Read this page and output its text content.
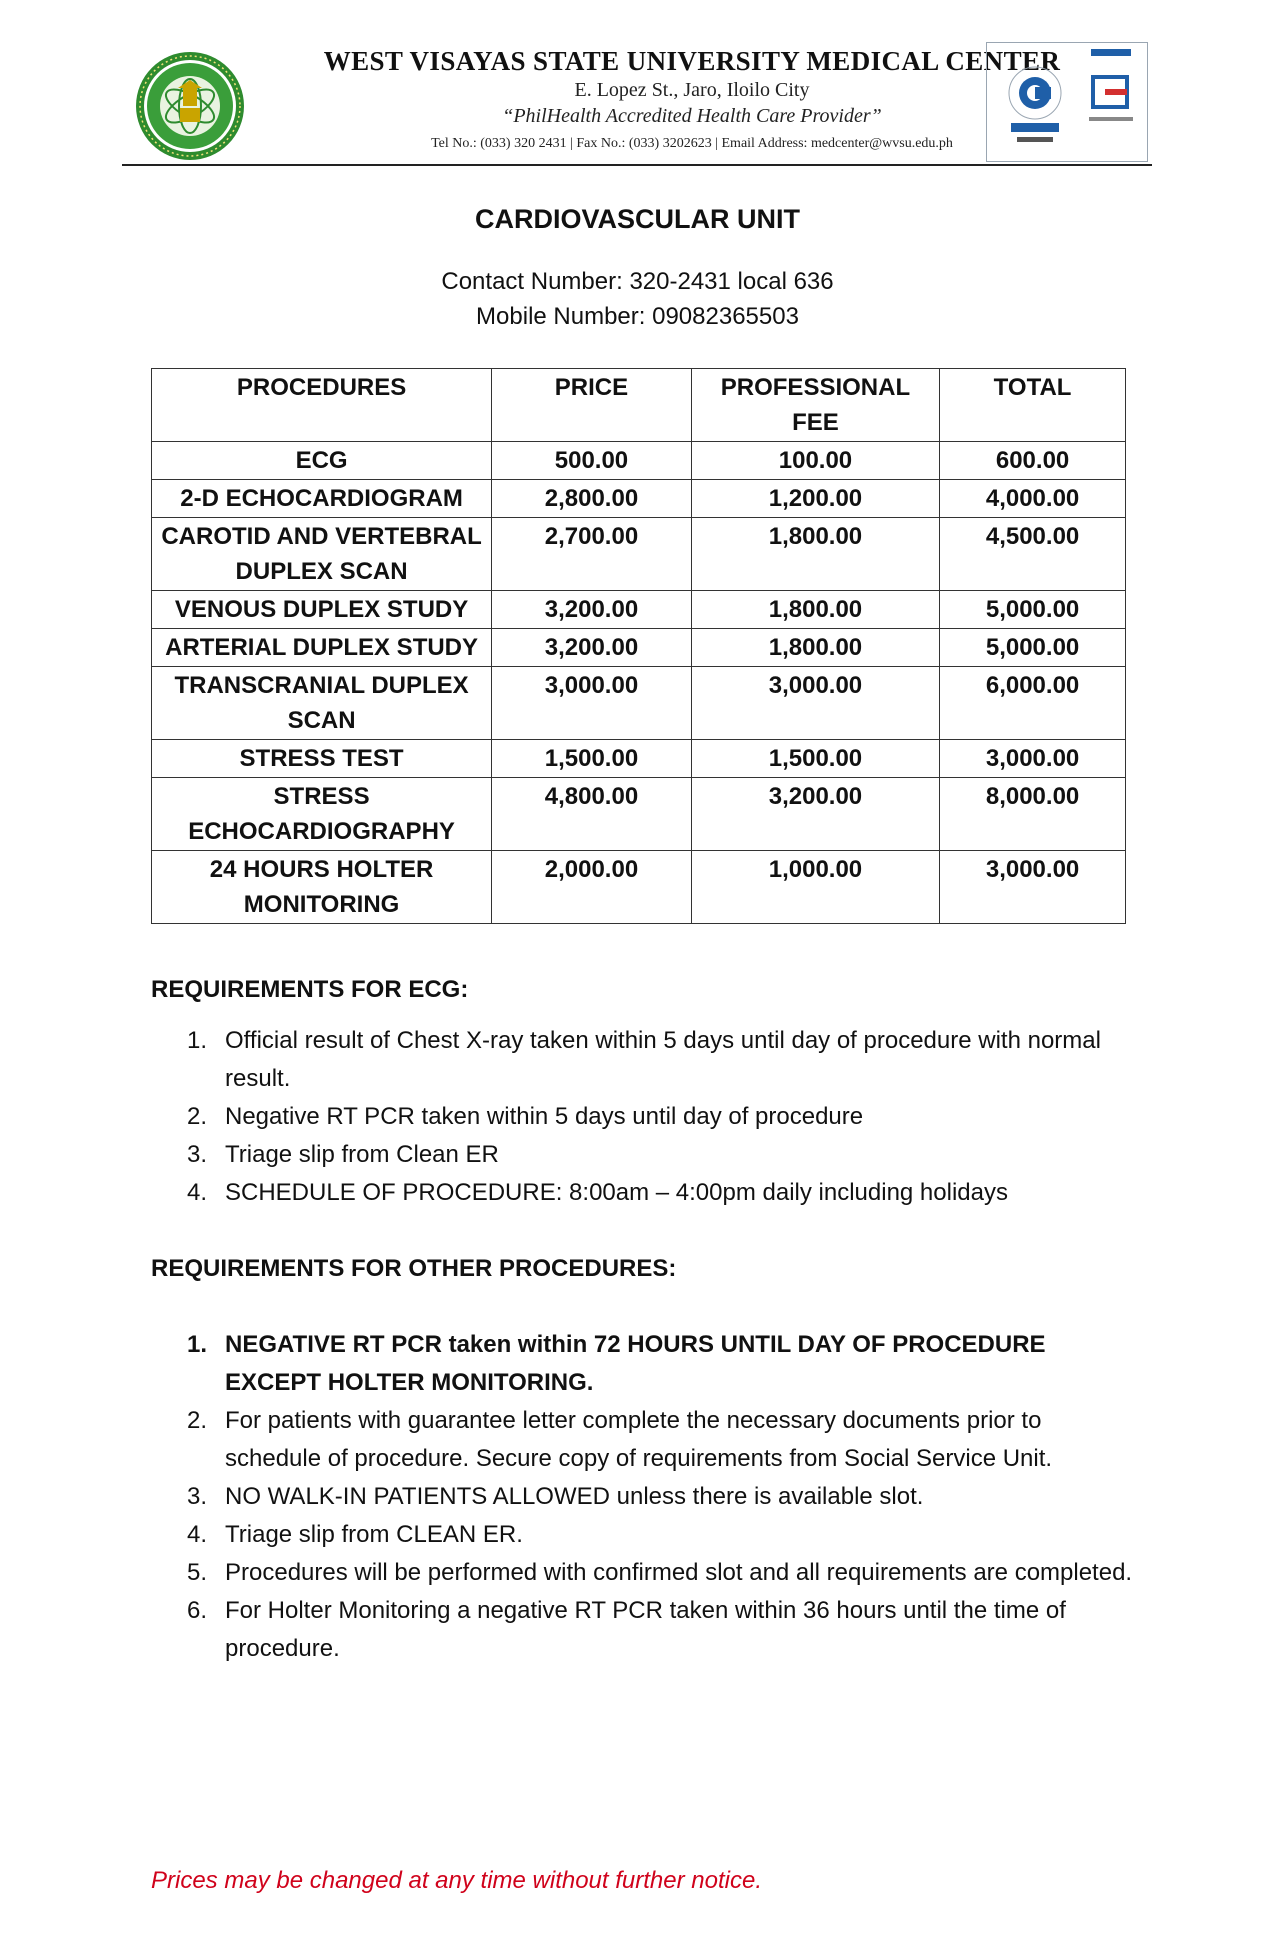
WEST VISAYAS STATE UNIVERSITY MEDICAL CENTER
E. Lopez St., Jaro, Iloilo City
“PhilHealth Accredited Health Care Provider”
Tel No.: (033) 320 2431 | Fax No.: (033) 3202623 | Email Address: medcenter@wvsu.edu.ph
CARDIOVASCULAR UNIT
Contact Number: 320-2431 local 636
Mobile Number: 09082365503
PROCEDURES	PRICE	PROFESSIONAL FEE	TOTAL
ECG	500.00	100.00	600.00
2-D ECHOCARDIOGRAM	2,800.00	1,200.00	4,000.00
CAROTID AND VERTEBRAL DUPLEX SCAN	2,700.00	1,800.00	4,500.00
VENOUS DUPLEX STUDY	3,200.00	1,800.00	5,000.00
ARTERIAL DUPLEX STUDY	3,200.00	1,800.00	5,000.00
TRANSCRANIAL DUPLEX SCAN	3,000.00	3,000.00	6,000.00
STRESS TEST	1,500.00	1,500.00	3,000.00
STRESS ECHOCARDIOGRAPHY	4,800.00	3,200.00	8,000.00
24 HOURS HOLTER MONITORING	2,000.00	1,000.00	3,000.00
REQUIREMENTS FOR ECG:
1. Official result of Chest X-ray taken within 5 days until day of procedure with normal result.
2. Negative RT PCR taken within 5 days until day of procedure
3. Triage slip from Clean ER
4. SCHEDULE OF PROCEDURE: 8:00am – 4:00pm daily including holidays
REQUIREMENTS FOR OTHER PROCEDURES:
1. NEGATIVE RT PCR taken within 72 HOURS UNTIL DAY OF PROCEDURE EXCEPT HOLTER MONITORING.
2. For patients with guarantee letter complete the necessary documents prior to schedule of procedure. Secure copy of requirements from Social Service Unit.
3. NO WALK-IN PATIENTS ALLOWED unless there is available slot.
4. Triage slip from CLEAN ER.
5. Procedures will be performed with confirmed slot and all requirements are completed.
6. For Holter Monitoring a negative RT PCR taken within 36 hours until the time of procedure.
Prices may be changed at any time without further notice.
